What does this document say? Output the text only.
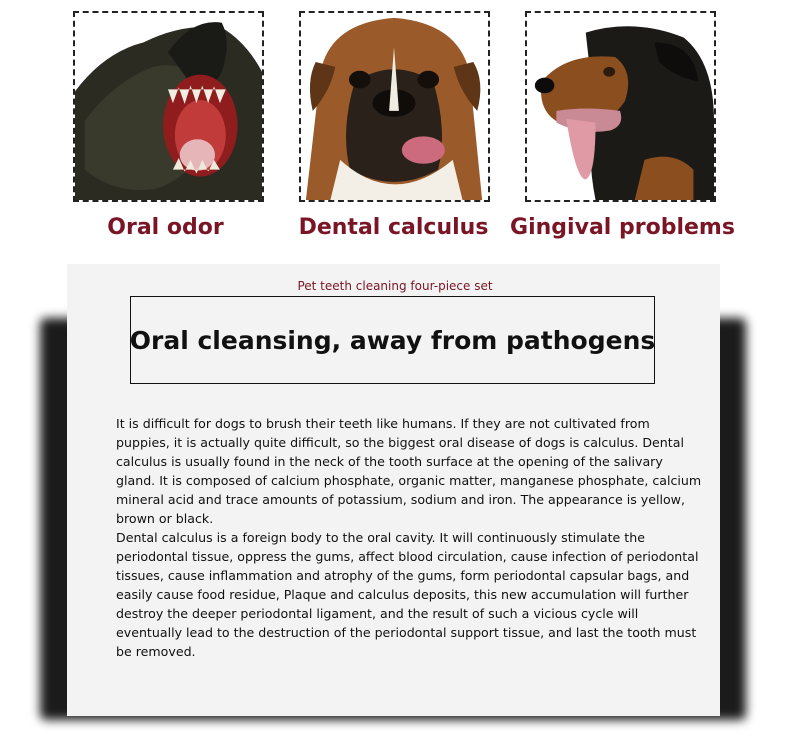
Oral odor	Dental calculus Gingival problems
Pet teeth cleaning four-piece set
Oral cleansing, away from pathogens

It is difficult for dogs to brush their teeth like humans. If they are not cultivated from puppies, it is actually quite difficult, so the biggest oral disease of dogs is calculus. Dental calculus is usually found in the neck of the tooth surface at the opening of the salivary gland. It is composed of calcium phosphate, organic matter, manganese phosphate, calcium mineral acid and trace amounts of potassium, sodium and iron. The appearance is yellow, brown or black.

Dental calculus is a foreign body to the oral cavity. It will continuously stimulate the periodontal tissue, oppress the gums, affect blood circulation, cause infection of periodontal tissues, cause inflammation and atrophy of the gums, form periodontal capsular bags, and easily cause food residue, Plaque and calculus deposits, this new accumulation will further destroy the deeper periodontal ligament, and the result of such a vicious cycle will eventually lead to the destruction of the periodontal support tissue, and last the tooth must be removed.
